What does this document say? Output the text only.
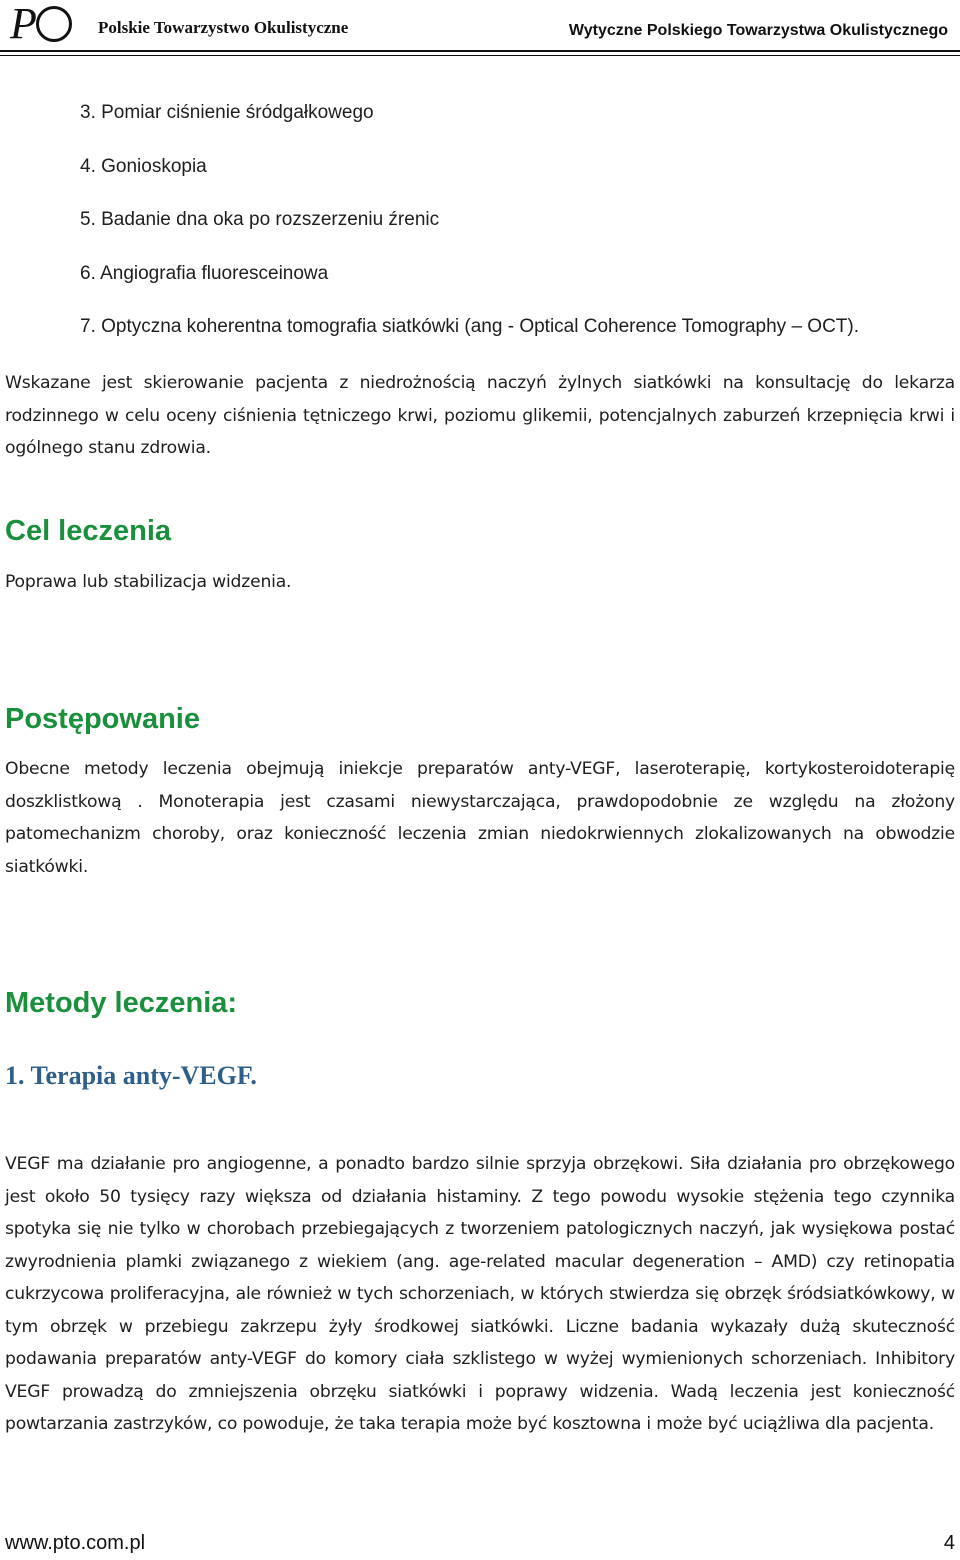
P	Polskie Towarzystwo Okulistyczne	Wytyczne Polskiego Towarzystwa Okulistycznego
3. Pomiar ciśnienie śródgałkowego
4. Gonioskopia
5. Badanie dna oka po rozszerzeniu źrenic
6. Angiografia fluoresceinowa
7. Optyczna koherentna tomografia siatkówki (ang - Optical Coherence Tomography – OCT).

Wskazane jest skierowanie pacjenta z niedrożnością naczyń żylnych siatkówki na konsultację do lekarza rodzinnego w celu oceny ciśnienia tętniczego krwi, poziomu glikemii, potencjalnych zaburzeń krzepnięcia krwi i ogólnego stanu zdrowia.

Cel leczenia

Poprawa lub stabilizacja widzenia.

Postępowanie

Obecne metody leczenia obejmują iniekcje preparatów anty-VEGF, laseroterapię, kortykosteroidoterapię doszklistkową . Monoterapia jest czasami niewystarczająca, prawdopodobnie ze względu na złożony patomechanizm choroby, oraz konieczność leczenia zmian niedokrwiennych zlokalizowanych na obwodzie siatkówki.

Metody leczenia:
1. Terapia anty-VEGF.

VEGF ma działanie pro angiogenne, a ponadto bardzo silnie sprzyja obrzękowi. Siła działania pro obrzękowego jest około 50 tysięcy razy większa od działania histaminy. Z tego powodu wysokie stężenia tego czynnika spotyka się nie tylko w chorobach przebiegających z tworzeniem patologicznych naczyń, jak wysiękowa postać zwyrodnienia plamki związanego z wiekiem (ang. age-related macular degeneration – AMD) czy retinopatia cukrzycowa proliferacyjna, ale również w tych schorzeniach, w których stwierdza się obrzęk śródsiatkówkowy, w tym obrzęk w przebiegu zakrzepu żyły środkowej siatkówki. Liczne badania wykazały dużą skuteczność podawania preparatów anty-VEGF do komory ciała szklistego w wyżej wymienionych schorzeniach. Inhibitory VEGF prowadzą do zmniejszenia obrzęku siatkówki i poprawy widzenia. Wadą leczenia jest konieczność powtarzania zastrzyków, co powoduje, że taka terapia może być kosztowna i może być uciążliwa dla pacjenta.

www.pto.com.pl	4
